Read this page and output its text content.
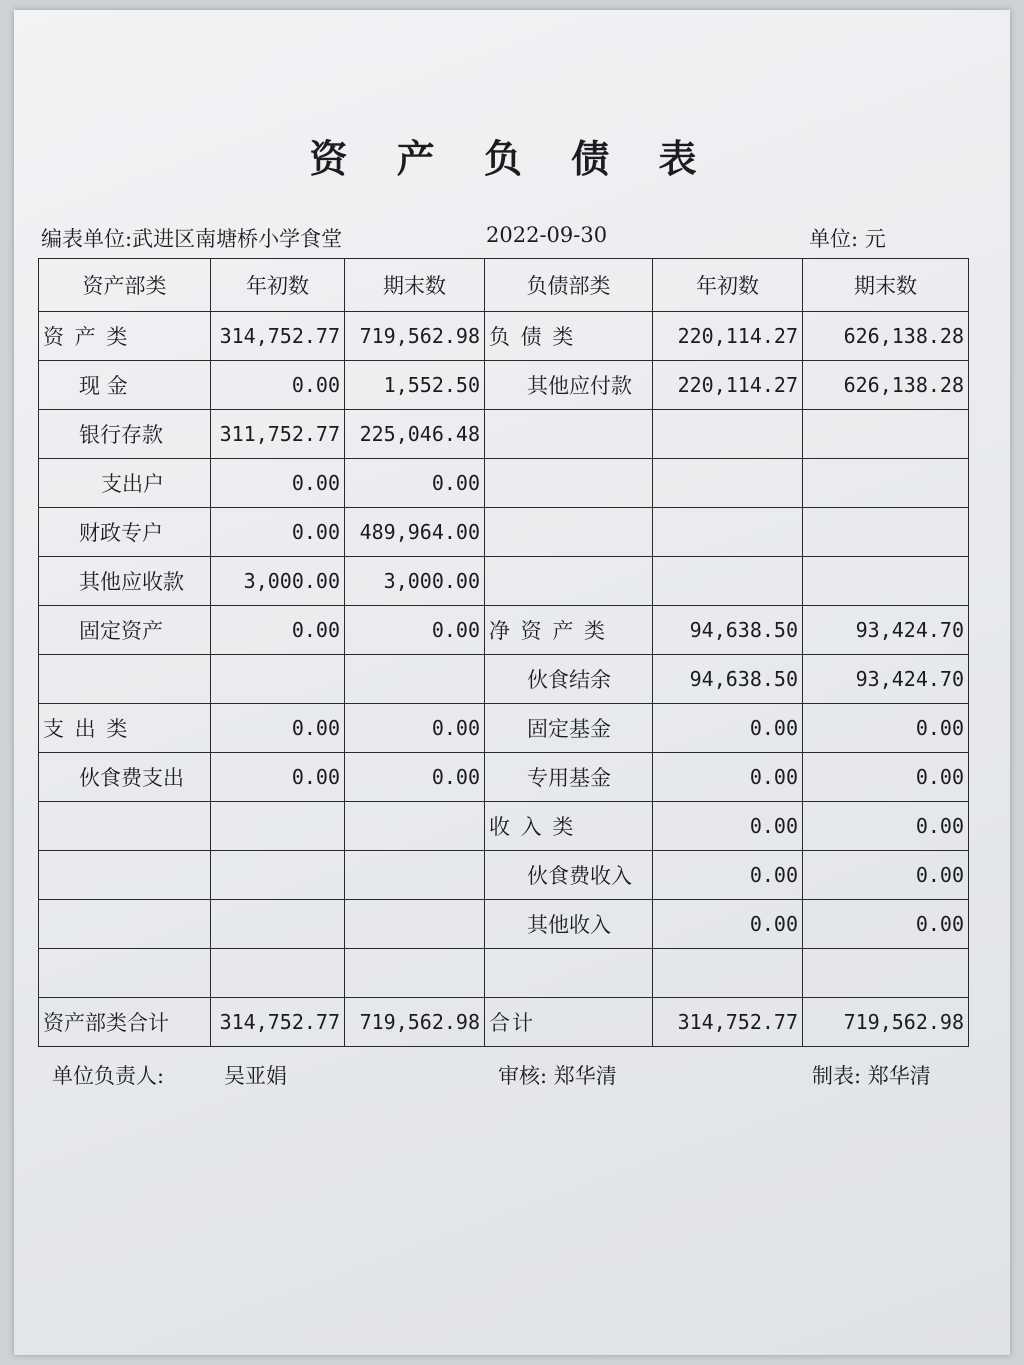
资 产 负 债 表
编表单位:武进区南塘桥小学食堂	2022-09-30	单位: 元
资产部类	年初数	期末数	负债部类	年初数	期末数
资 产 类	314,752.77	719,562.98	负 债 类	220,114.27	626,138.28
现 金	0.00	1,552.50	其他应付款	220,114.27	626,138.28
银行存款	311,752.77	225,046.48			
支出户	0.00	0.00			
财政专户	0.00	489,964.00			
其他应收款	3,000.00	3,000.00			
固定资产	0.00	0.00	净 资 产 类	94,638.50	93,424.70
			伙食结余	94,638.50	93,424.70
支 出 类	0.00	0.00	固定基金	0.00	0.00
伙食费支出	0.00	0.00	专用基金	0.00	0.00
			收 入 类	0.00	0.00
			伙食费收入	0.00	0.00
			其他收入	0.00	0.00

资产部类合计	314,752.77	719,562.98	合计	314,752.77	719,562.98
单位负责人:	吴亚娟	审核: 郑华清	制表: 郑华清
